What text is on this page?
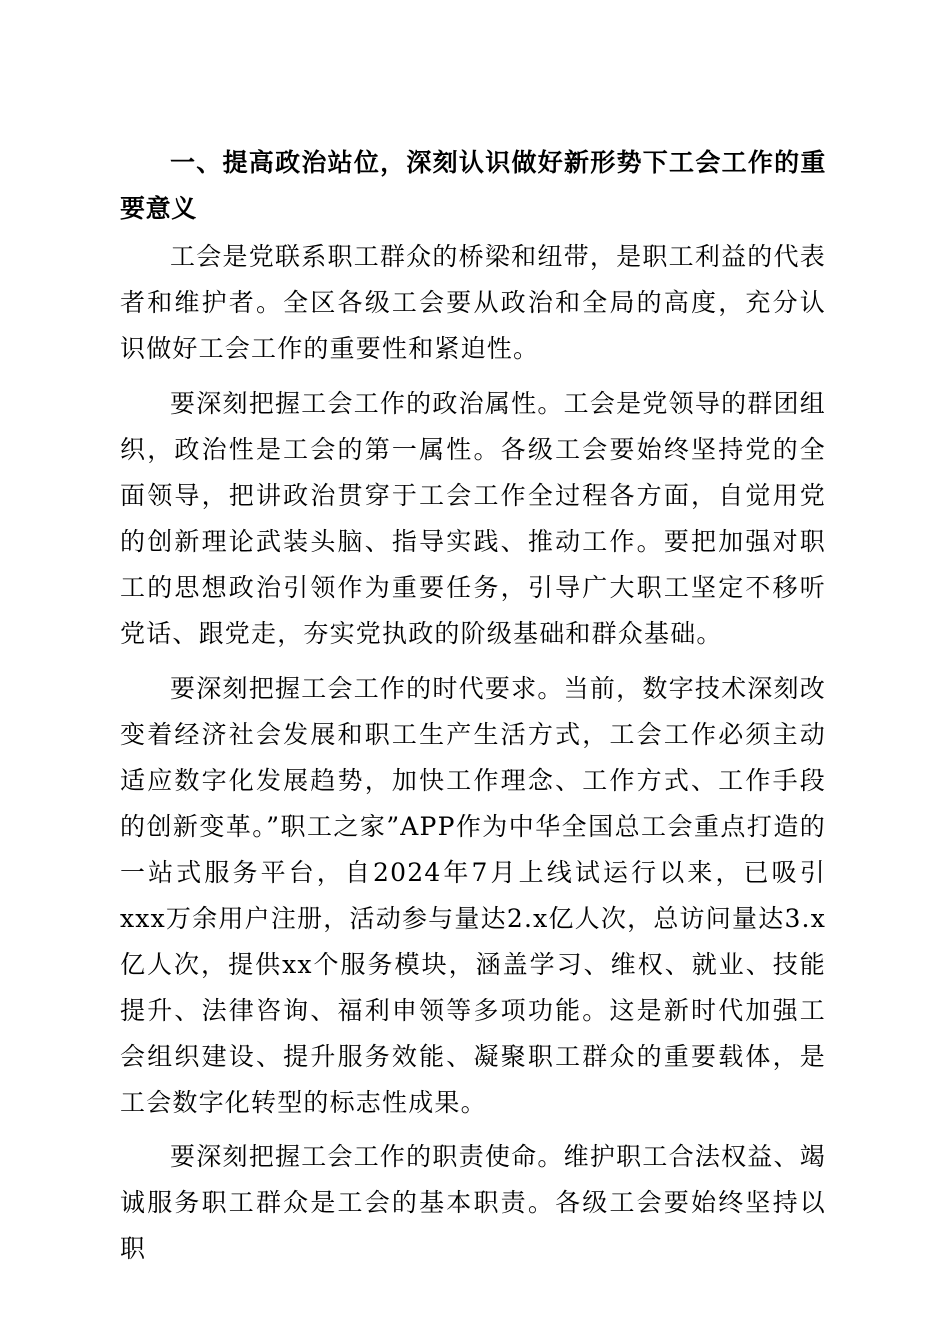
一、提高政治站位，深刻认识做好新形势下工会工作的重要意义

工会是党联系职工群众的桥梁和纽带，是职工利益的代表者和维护者。全区各级工会要从政治和全局的高度，充分认识做好工会工作的重要性和紧迫性。

要深刻把握工会工作的政治属性。工会是党领导的群团组织，政治性是工会的第一属性。各级工会要始终坚持党的全面领导，把讲政治贯穿于工会工作全过程各方面，自觉用党的创新理论武装头脑、指导实践、推动工作。要把加强对职工的思想政治引领作为重要任务，引导广大职工坚定不移听党话、跟党走，夯实党执政的阶级基础和群众基础。

要深刻把握工会工作的时代要求。当前，数字技术深刻改变着经济社会发展和职工生产生活方式，工会工作必须主动适应数字化发展趋势，加快工作理念、工作方式、工作手段的创新变革。”职工之家”APP作为中华全国总工会重点打造的一站式服务平台，自2024年7月上线试运行以来，已吸引xxx万余用户注册，活动参与量达2.x亿人次，总访问量达3.x亿人次，提供xx个服务模块，涵盖学习、维权、就业、技能提升、法律咨询、福利申领等多项功能。这是新时代加强工会组织建设、提升服务效能、凝聚职工群众的重要载体，是工会数字化转型的标志性成果。

要深刻把握工会工作的职责使命。维护职工合法权益、竭诚服务职工群众是工会的基本职责。各级工会要始终坚持以职
